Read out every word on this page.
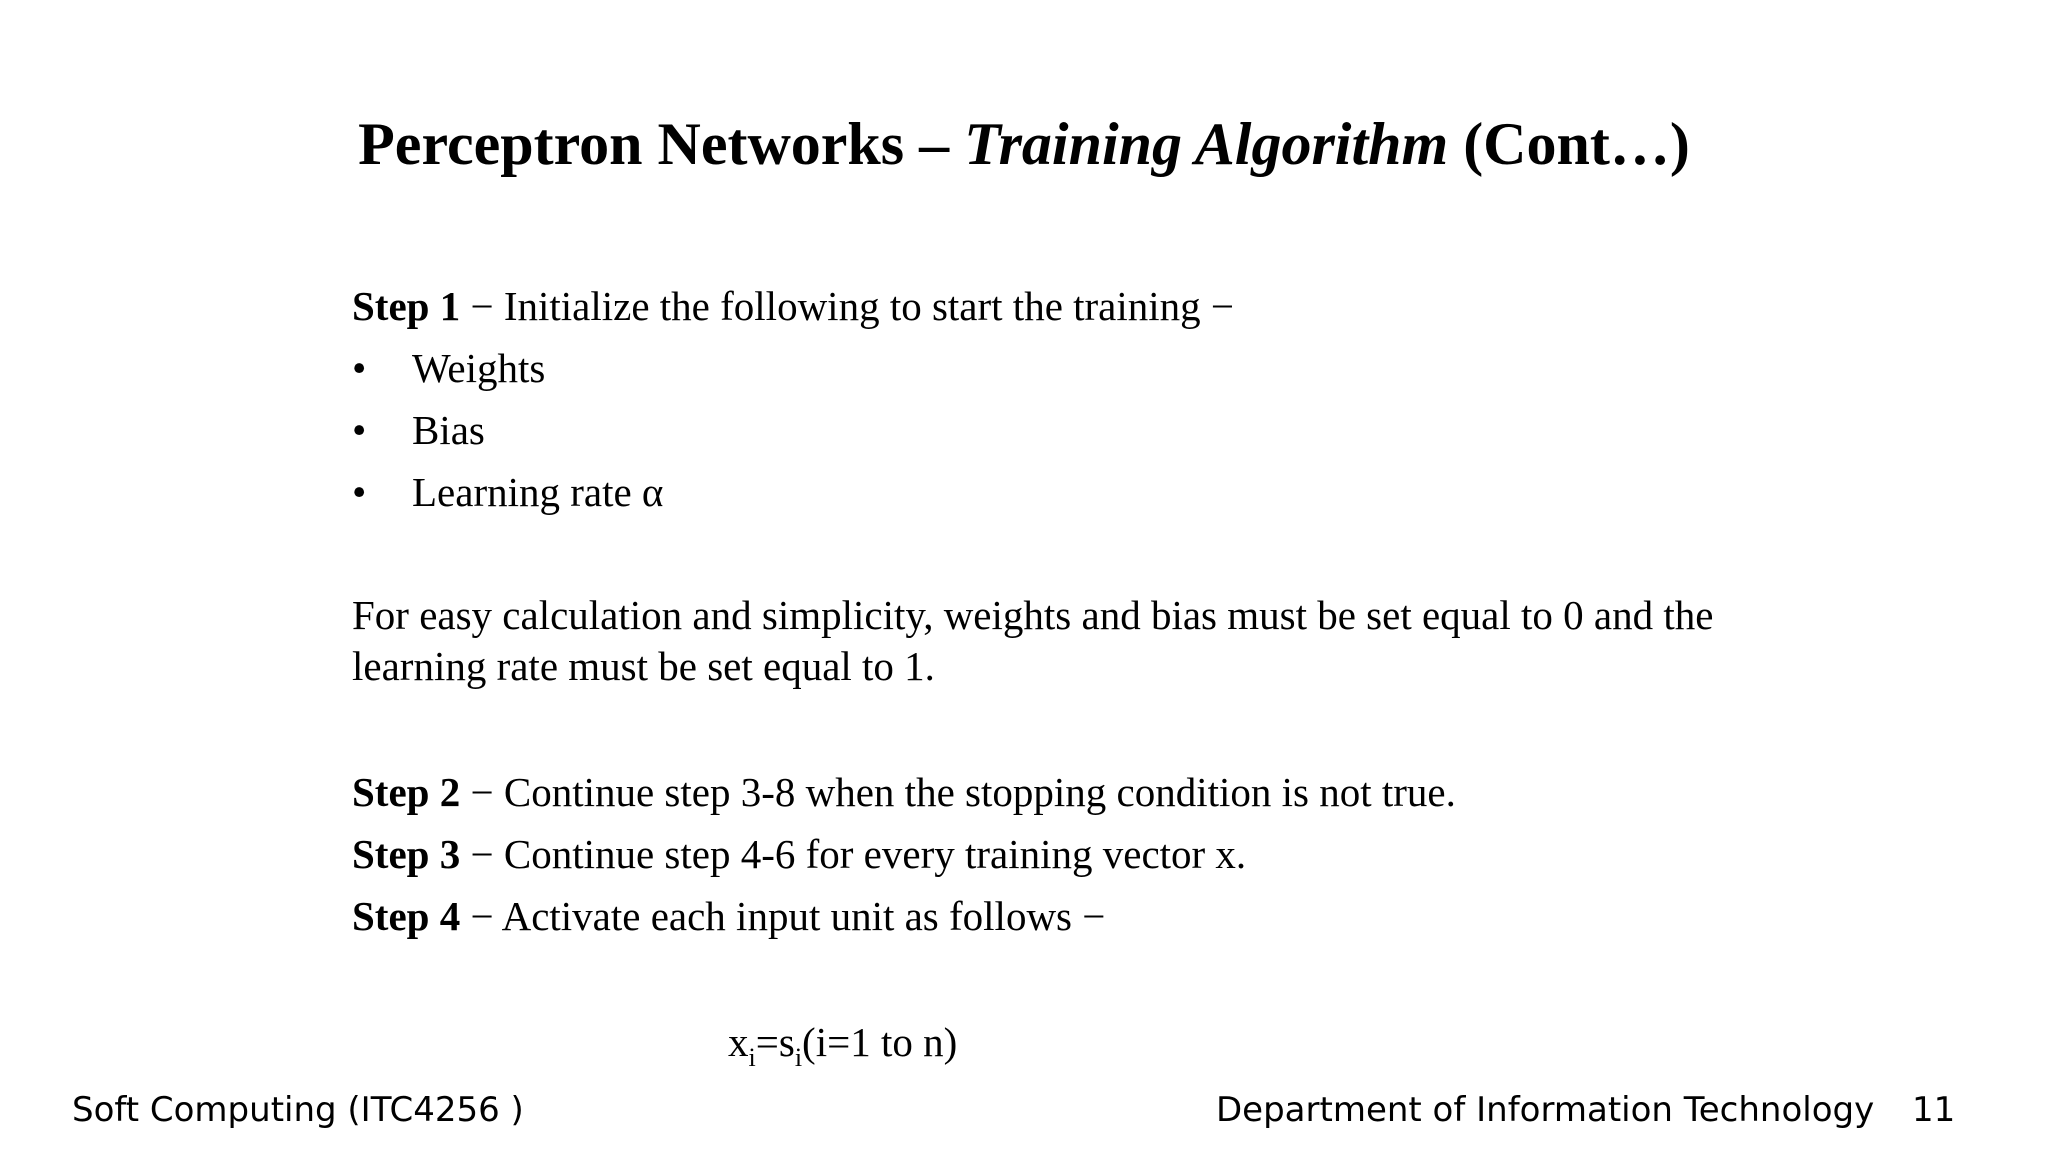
Perceptron Networks – Training Algorithm (Cont…)
Step 1 − Initialize the following to start the training −
• Weights
• Bias
• Learning rate α
For easy calculation and simplicity, weights and bias must be set equal to 0 and the learning rate must be set equal to 1.
Step 2 − Continue step 3-8 when the stopping condition is not true.
Step 3 − Continue step 4-6 for every training vector x.
Step 4 − Activate each input unit as follows −
$x_i=s_i(i=1$ to n)
Soft Computing (ITC4256 )	Department of Information Technology 11
